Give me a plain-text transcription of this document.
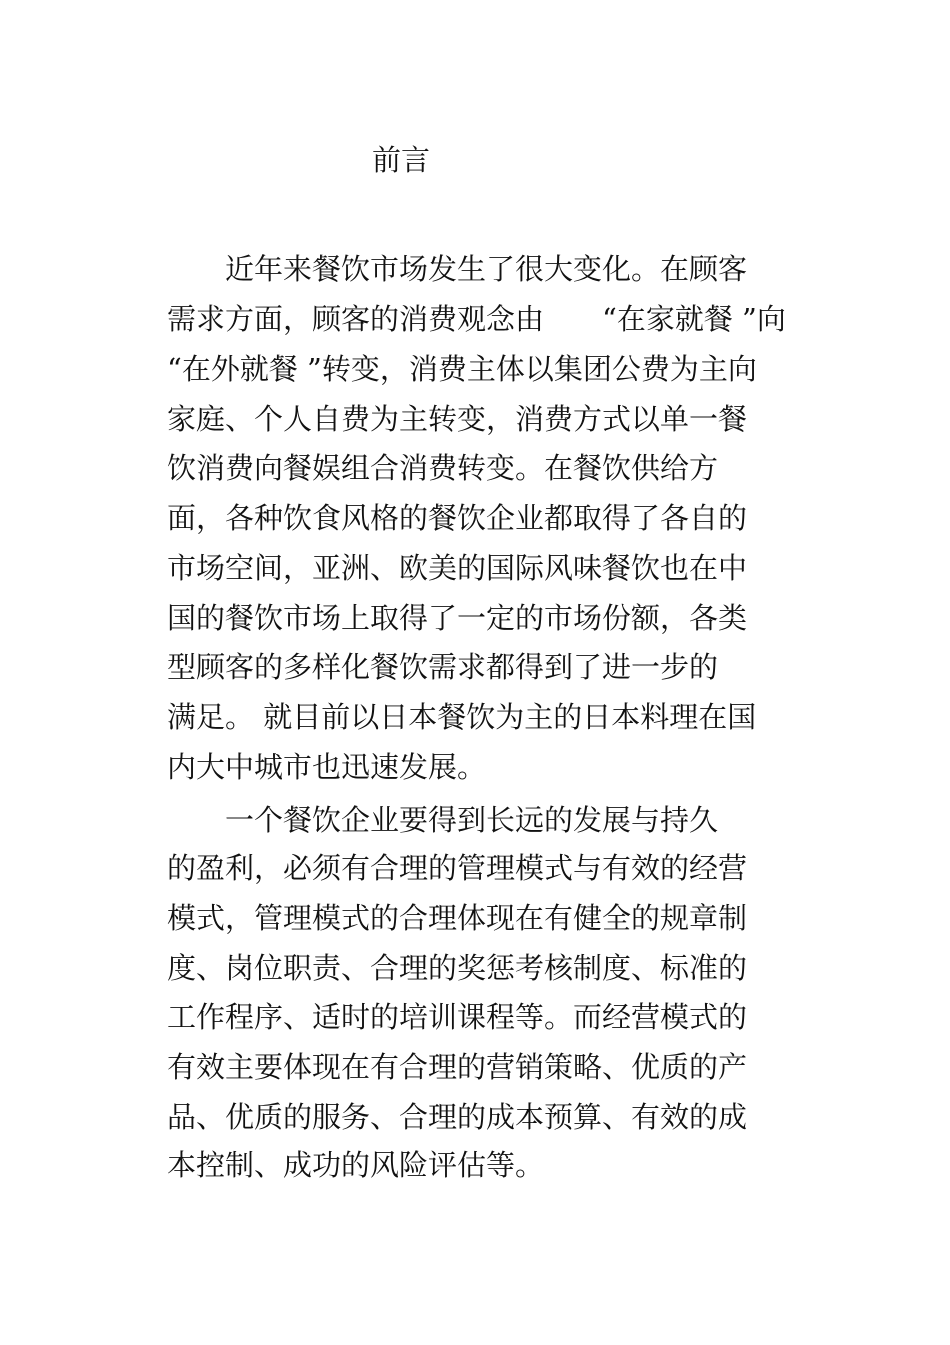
前言

　　近年来餐饮市场发生了很大变化。在顾客

需求方面，顾客的消费观念由　　“在家就餐 ”向

“在外就餐 ”转变，消费主体以集团公费为主向

家庭、个人自费为主转变，消费方式以单一餐

饮消费向餐娱组合消费转变。在餐饮供给方

面，各种饮食风格的餐饮企业都取得了各自的

市场空间，亚洲、欧美的国际风味餐饮也在中

国的餐饮市场上取得了一定的市场份额，各类

型顾客的多样化餐饮需求都得到了进一步的

满足。 就目前以日本餐饮为主的日本料理在国

内大中城市也迅速发展。

　　一个餐饮企业要得到长远的发展与持久

的盈利，必须有合理的管理模式与有效的经营

模式，管理模式的合理体现在有健全的规章制

度、岗位职责、合理的奖惩考核制度、标准的

工作程序、适时的培训课程等。而经营模式的

有效主要体现在有合理的营销策略、优质的产

品、优质的服务、合理的成本预算、有效的成

本控制、成功的风险评估等。
